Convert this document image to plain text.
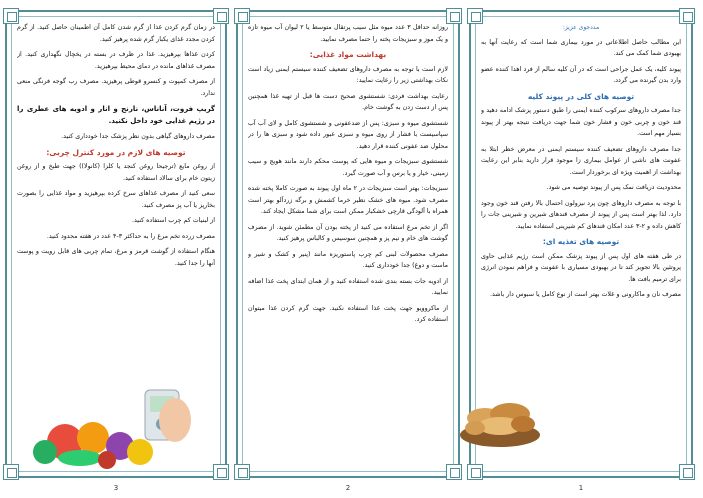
مددجوی عزیز:

این مطالب حاصل اطلاعاتی در مورد بیماری شما است که رعایت آنها به بهبودی شما کمک می کند.

پیوند کلیه، یک عمل جراحی است که در آن کلیه سالم از فرد اهدا کننده عضو وارد بدن گیرنده می گردد.

توصیه های کلی در پیوند کلیه

جدا مصرف داروهای سرکوب کننده ایمنی را طبق دستور پزشک ادامه دهید و قند خون و چربی خون و فشار خون شما جهت دریافت نتیجه بهتر از پیوند بسیار مهم است.

جدا مصرف داروهای تضعیف کننده سیستم ایمنی در معرض خطر ابتلا به عفونت های ناشی از عوامل بیماری زا موجود قرار دارید بنابر این رعایت بهداشت از اهمیت ویژه ای برخوردار است.

محدودیت دریافت نمک پس از پیوند توصیه می شود.

با توجه به مصرف داروهای چون پرد نیزولون احتمال بالا رفتن قند خون وجود دارد. لذا بهتر است پس از پیوند از مصرف قندهای شیرین و شیرینی جات را کاهش داده و ۲-۳ عدد امکان قندهای کم شیرینی استفاده نمایید.

توصیه های تغذیه ای:

در طی هفته های اول پس از پیوند پزشک ممکن است رژیم غذایی حاوی پروتئین بالا تجویز کند تا در بهبودی مسیاری با عفونت و فراهم نمودن انرژی برای ترمیم بافت ها.

مصرف نان و ماکارونی و غلات بهتر است از نوع کامل یا سبوس دار باشد.

1

روزانه حداقل ۳ عدد میوه مثل سیب پرتقال متوسط یا ۲ لیوان آب میوه تازه و یک موز و سبزیجات پخته را حتما مصرف نمایید.

بهداشت مواد غذایی:

لازم است با توجه به مصرف داروهای تضعیف کننده سیستم ایمنی زیاد است نکات بهداشتی زیر را رعایت نمایید:

رعایت بهداشت فردی: شستشوی صحیح دست ها قبل از تهیه غذا همچنین پس از دست زدن به گوشت خام.

شستشوی میوه و سبزی: پس از ضدعفونی و شستشوی کامل و لای آب آب سپاسیست با فشار از روی میوه و سبزی عبور داده شود و سبزی ها را در محلول ضد عفونی کننده قرار دهید.

شستشوی سبزیجات و میوه هایی که پوست محکم دارند مانند هویج و سیب زمینی، خیار و یا برس و آب صورت گیرد.

سبزیجات: بهتر است سبزیجات در ۲ ماه اول پیوند به صورت کاملا پخته شده مصرف شود. میوه های خشک نظیر خرما کشمش و برگه زردآلو بهتر است همراه با آلودگی قارچی خشکبار ممکن است برای شما مشکل ایجاد کند.

اگر از تخم مرغ استفاده می کنید از پخته بودن آن مطمئن شوید. از مصرف گوشت های خام و نیم پز و همچنین سوسیس و کالباس پرهیز کنید.

مصرف محصولات لبنی کم چرب پاستوریزه مانند (پنیر و کشک و شیر و ماست و دوغ) جدا خودداری کنید.

از ادویه جات بسته بندی شده استفاده کنید و از همان ابتدای پخت غذا اضافه نمایید.

از ماکروویو جهت پخت غذا استفاده نکنید. جهت گرم کردن غذا میتوان استفاده کرد.

2

در زمان گرم کردن غذا از گرم شدن کامل آن اطمینان حاصل کنید. از گرم کردن مجدد غذای یکبار گرم شده پرهیز کنید.

کردن غذاها بپرهیزید. غذا در ظرف در بسته در یخچال نگهداری کنید. از مصرف غذاهای مانده در دمای محیط بپرهیزید.

از مصرف کمپوت و کنسرو قوطی پرهیزید. مصرف رب گوجه فرنگی منعی ندارد.

گریپ فروت، آناناس، نارنج و انار و ادویه های عطری را در رژیم غذایی خود داخل نکنید.

مصرف داروهای گیاهی بدون نظر پزشک جدا خودداری کنید.

توصیه های لازم در مورد کنترل چربی:

از روغن مایع (ترجیحا روغن کنجد یا کلزا (کانولا)) جهت طبخ و از روغن زیتون خام برای سالاد استفاده کنید.

سعی کنید از مصرف غذاهای سرخ کرده بپرهیزید و مواد غذایی را بصورت بخارپز یا آب پز مصرف کنید.

از لبنیات کم چرب استفاده کنید.

مصرف زرده تخم مرغ را به حداکثر ۳-۴ عدد در هفته محدود کنید.

هنگام استفاده از گوشت قرمز و مرغ، تمام چربی های قابل رویت و پوست آنها را جدا کنید.

3
